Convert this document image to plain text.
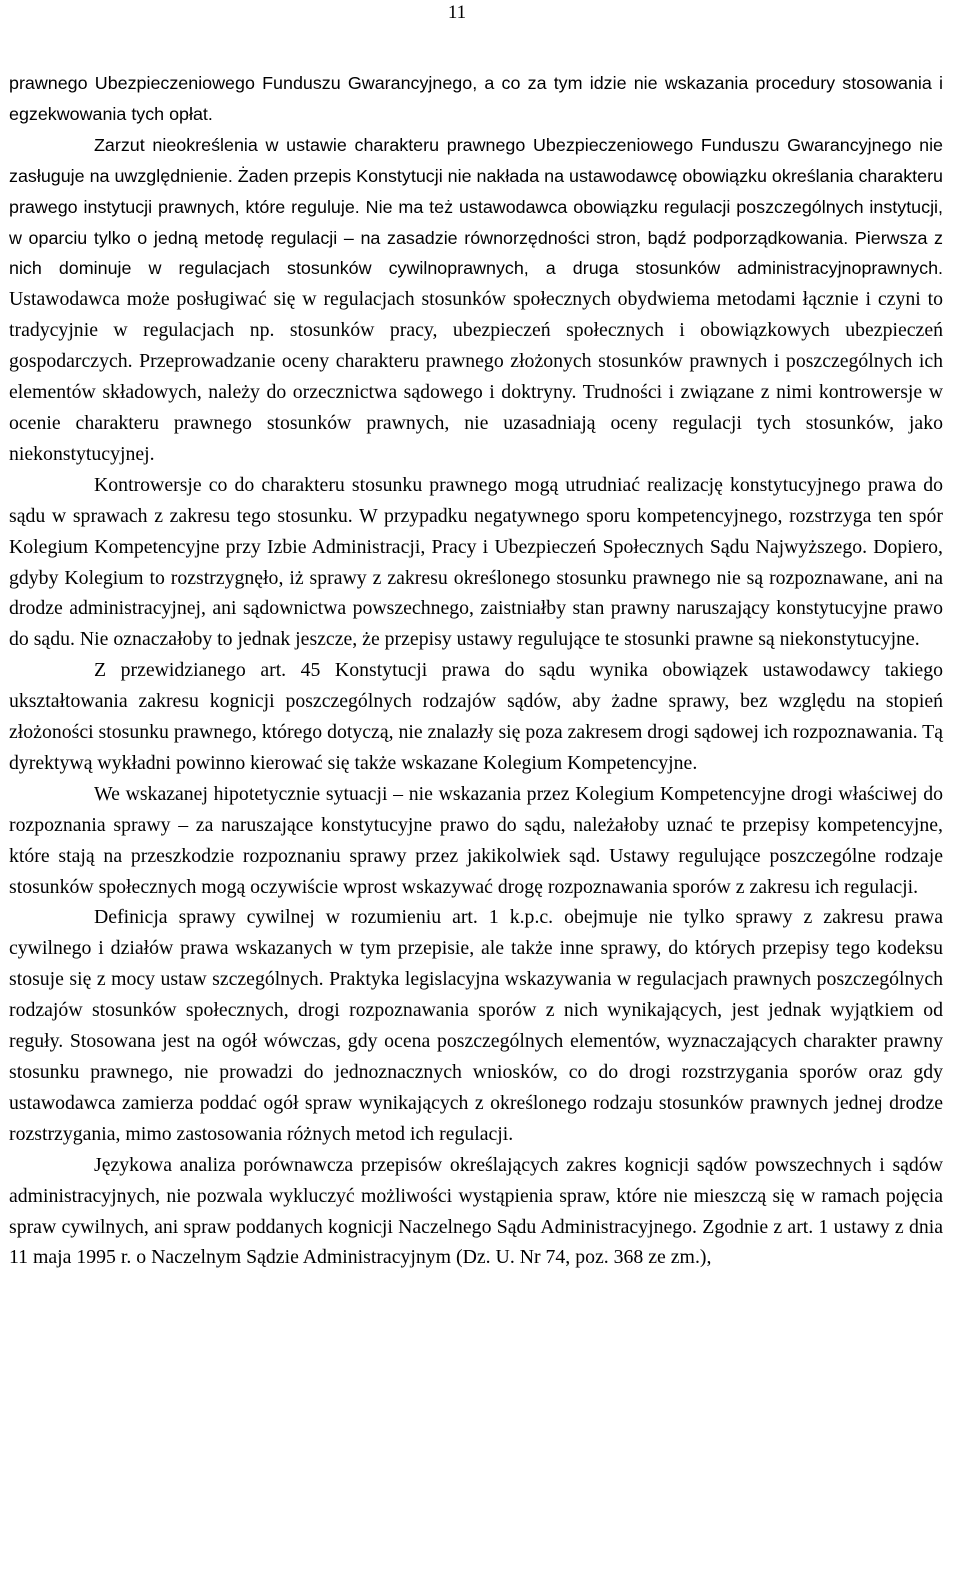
11

prawnego Ubezpieczeniowego Funduszu Gwarancyjnego, a co za tym idzie nie wskazania procedury stosowania i egzekwowania tych opłat.

Zarzut nieokreślenia w ustawie charakteru prawnego Ubezpieczeniowego Funduszu Gwarancyjnego nie zasługuje na uwzględnienie. Żaden przepis Konstytucji nie nakłada na ustawodawcę obowiązku określania charakteru prawego instytucji prawnych, które reguluje. Nie ma też ustawodawca obowiązku regulacji poszczególnych instytucji, w oparciu tylko o jedną metodę regulacji – na zasadzie równorzędności stron, bądź podporządkowania. Pierwsza z nich dominuje w regulacjach stosunków cywilnoprawnych, a druga stosunków administracyjnoprawnych. Ustawodawca może posługiwać się w regulacjach stosunków społecznych obydwiema metodami łącznie i czyni to tradycyjnie w regulacjach np. stosunków pracy, ubezpieczeń społecznych i obowiązkowych ubezpieczeń gospodarczych. Przeprowadzanie oceny charakteru prawnego złożonych stosunków prawnych i poszczególnych ich elementów składowych, należy do orzecznictwa sądowego i doktryny. Trudności i związane z nimi kontrowersje w ocenie charakteru prawnego stosunków prawnych, nie uzasadniają oceny regulacji tych stosunków, jako niekonstytucyjnej.

Kontrowersje co do charakteru stosunku prawnego mogą utrudniać realizację konstytucyjnego prawa do sądu w sprawach z zakresu tego stosunku. W przypadku negatywnego sporu kompetencyjnego, rozstrzyga ten spór Kolegium Kompetencyjne przy Izbie Administracji, Pracy i Ubezpieczeń Społecznych Sądu Najwyższego. Dopiero, gdyby Kolegium to rozstrzygnęło, iż sprawy z zakresu określonego stosunku prawnego nie są rozpoznawane, ani na drodze administracyjnej, ani sądownictwa powszechnego, zaistniałby stan prawny naruszający konstytucyjne prawo do sądu. Nie oznaczałoby to jednak jeszcze, że przepisy ustawy regulujące te stosunki prawne są niekonstytucyjne.

Z przewidzianego art. 45 Konstytucji prawa do sądu wynika obowiązek ustawodawcy takiego ukształtowania zakresu kognicji poszczególnych rodzajów sądów, aby żadne sprawy, bez względu na stopień złożoności stosunku prawnego, którego dotyczą, nie znalazły się poza zakresem drogi sądowej ich rozpoznawania. Tą dyrektywą wykładni powinno kierować się także wskazane Kolegium Kompetencyjne.

We wskazanej hipotetycznie sytuacji – nie wskazania przez Kolegium Kompetencyjne drogi właściwej do rozpoznania sprawy – za naruszające konstytucyjne prawo do sądu, należałoby uznać te przepisy kompetencyjne, które stają na przeszkodzie rozpoznaniu sprawy przez jakikolwiek sąd. Ustawy regulujące poszczególne rodzaje stosunków społecznych mogą oczywiście wprost wskazywać drogę rozpoznawania sporów z zakresu ich regulacji.

Definicja sprawy cywilnej w rozumieniu art. 1 k.p.c. obejmuje nie tylko sprawy z zakresu prawa cywilnego i działów prawa wskazanych w tym przepisie, ale także inne sprawy, do których przepisy tego kodeksu stosuje się z mocy ustaw szczególnych. Praktyka legislacyjna wskazywania w regulacjach prawnych poszczególnych rodzajów stosunków społecznych, drogi rozpoznawania sporów z nich wynikających, jest jednak wyjątkiem od reguły. Stosowana jest na ogół wówczas, gdy ocena poszczególnych elementów, wyznaczających charakter prawny stosunku prawnego, nie prowadzi do jednoznacznych wniosków, co do drogi rozstrzygania sporów oraz gdy ustawodawca zamierza poddać ogół spraw wynikających z określonego rodzaju stosunków prawnych jednej drodze rozstrzygania, mimo zastosowania różnych metod ich regulacji.

Językowa analiza porównawcza przepisów określających zakres kognicji sądów powszechnych i sądów administracyjnych, nie pozwala wykluczyć możliwości wystąpienia spraw, które nie mieszczą się w ramach pojęcia spraw cywilnych, ani spraw poddanych kognicji Naczelnego Sądu Administracyjnego. Zgodnie z art. 1 ustawy z dnia 11 maja 1995 r. o Naczelnym Sądzie Administracyjnym (Dz. U. Nr 74, poz. 368 ze zm.),
